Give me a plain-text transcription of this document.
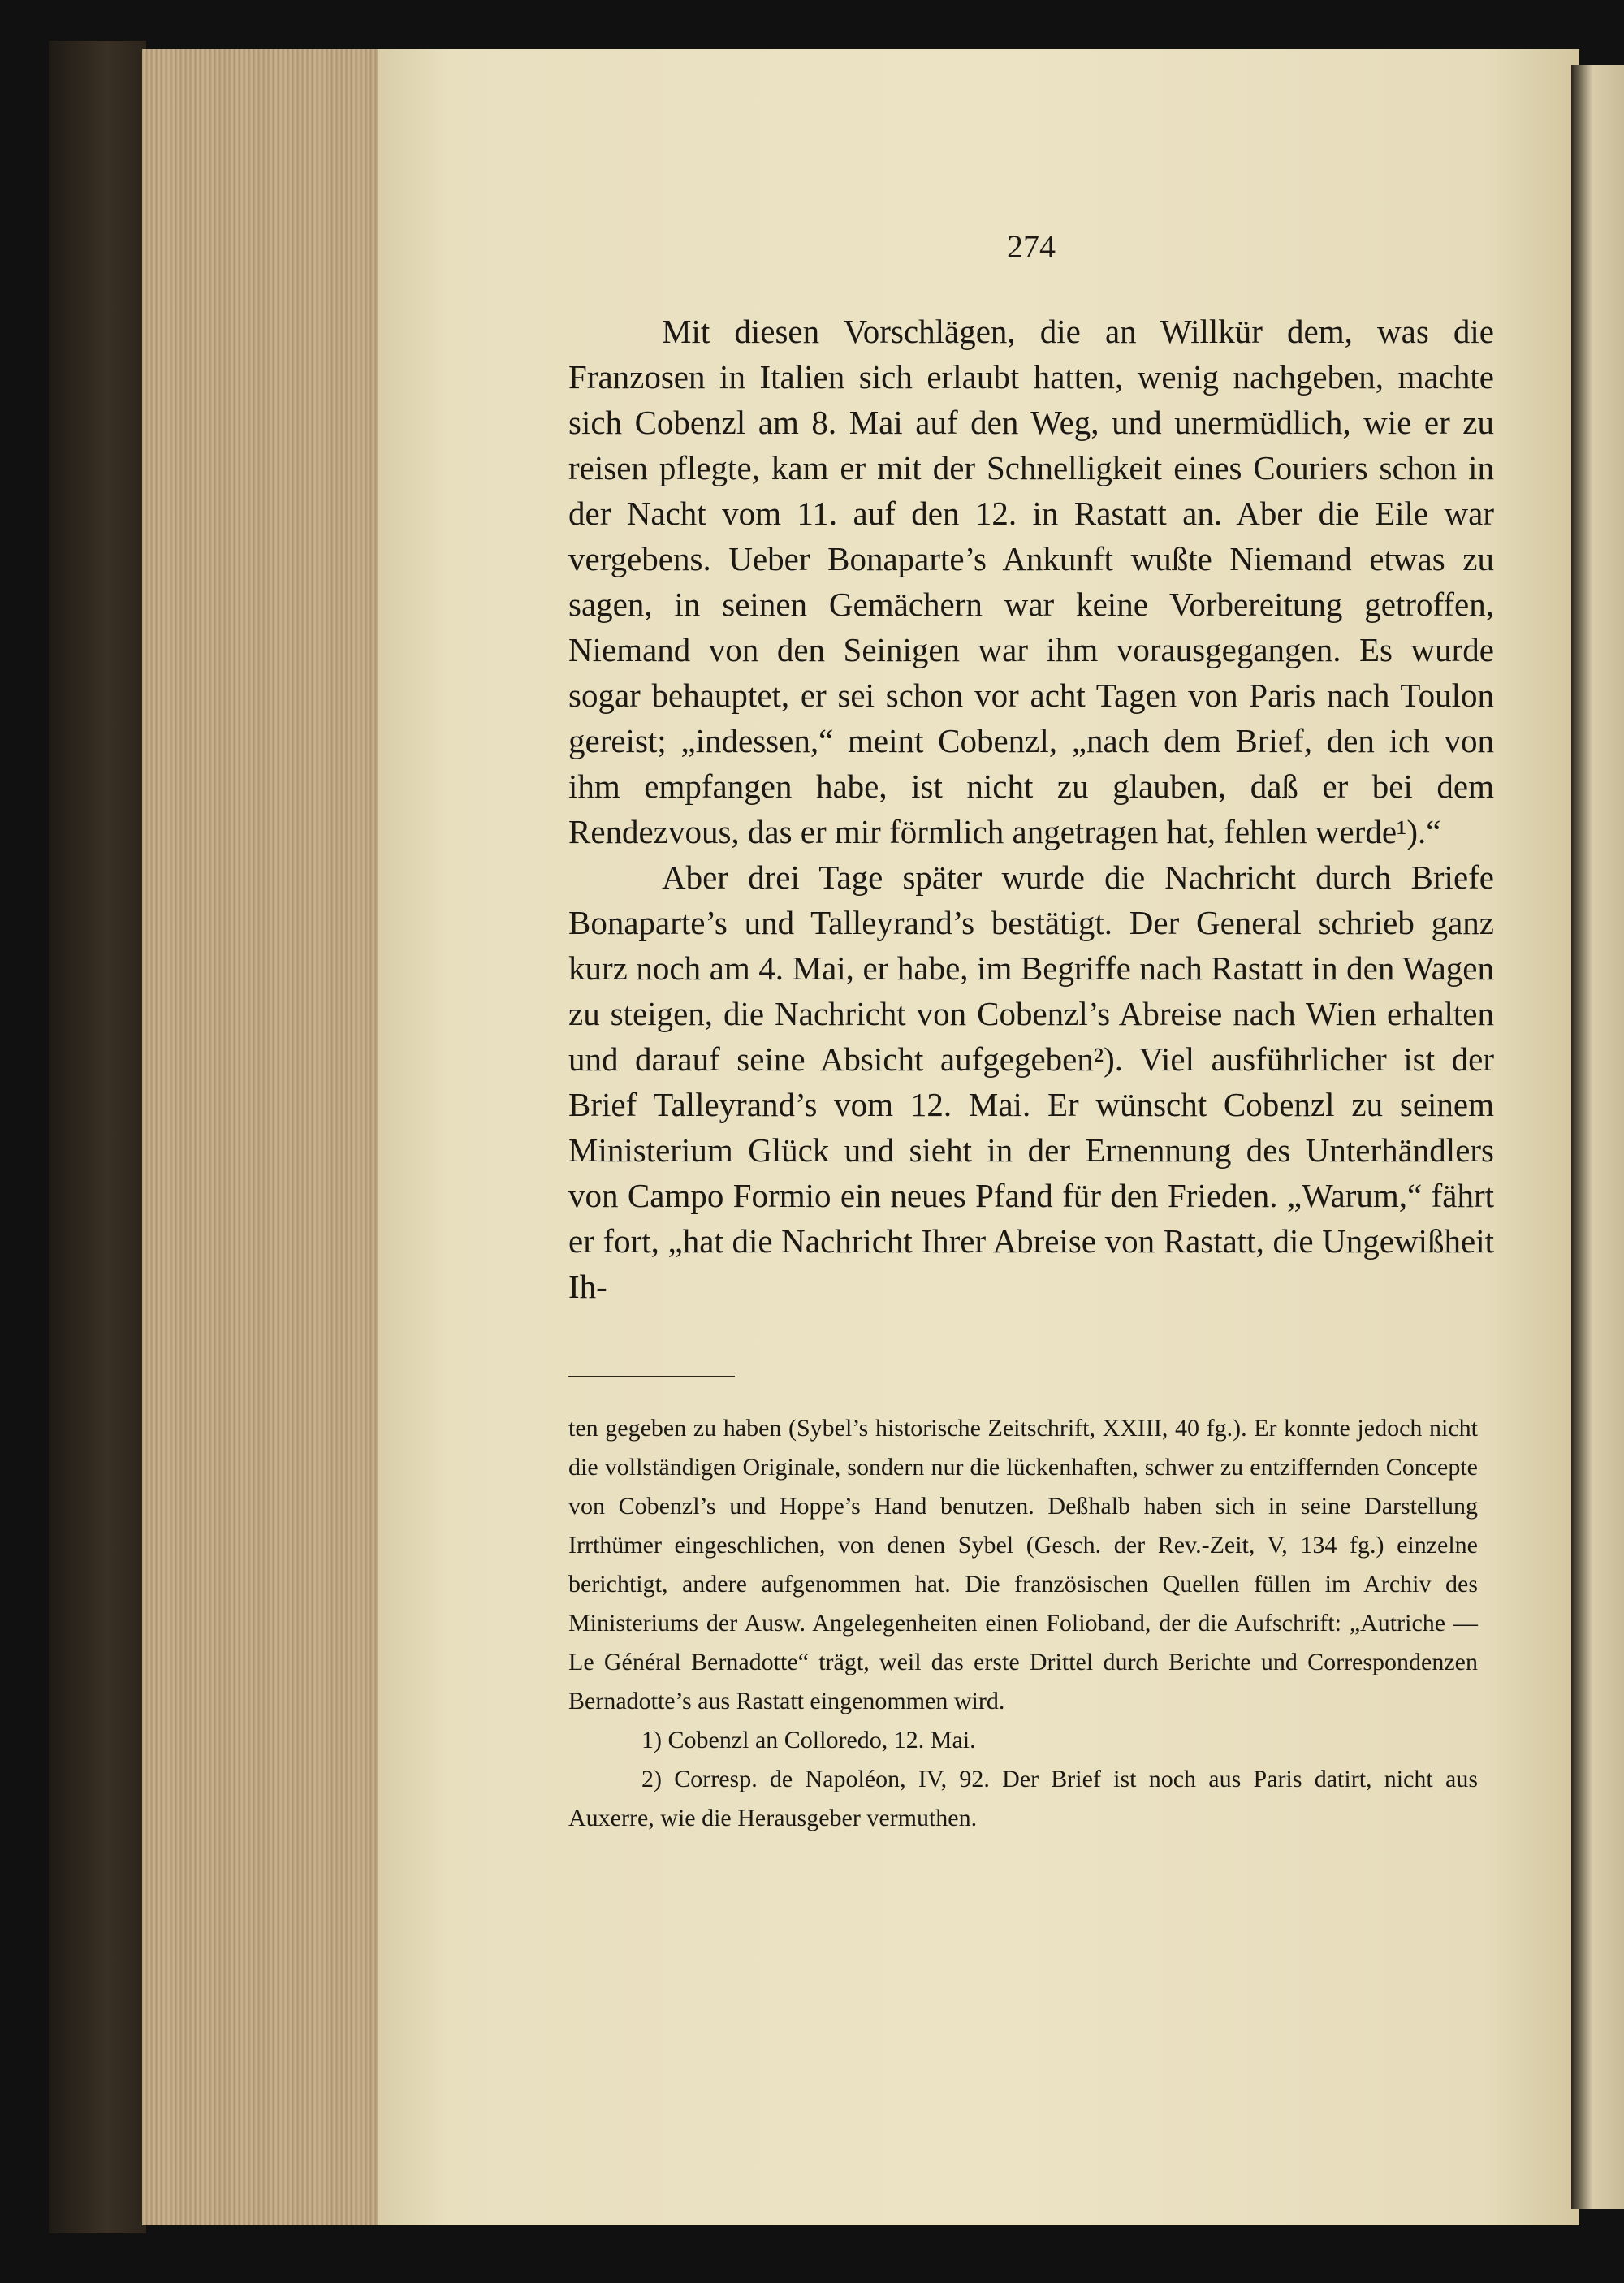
274

Mit diesen Vorschlägen, die an Willkür dem, was die Franzosen in Italien sich erlaubt hatten, wenig nachgeben, machte sich Cobenzl am 8. Mai auf den Weg, und unermüdlich, wie er zu reisen pflegte, kam er mit der Schnelligkeit eines Couriers schon in der Nacht vom 11. auf den 12. in Rastatt an. Aber die Eile war vergebens. Ueber Bonaparte’s Ankunft wußte Niemand etwas zu sagen, in seinen Gemächern war keine Vorbereitung getroffen, Niemand von den Seinigen war ihm vorausgegangen. Es wurde sogar behauptet, er sei schon vor acht Tagen von Paris nach Toulon gereist; „indessen,“ meint Cobenzl, „nach dem Brief, den ich von ihm empfangen habe, ist nicht zu glauben, daß er bei dem Rendezvous, das er mir förmlich angetragen hat, fehlen werde¹).“

Aber drei Tage später wurde die Nachricht durch Briefe Bonaparte’s und Talleyrand’s bestätigt. Der General schrieb ganz kurz noch am 4. Mai, er habe, im Begriffe nach Rastatt in den Wagen zu steigen, die Nachricht von Cobenzl’s Abreise nach Wien erhalten und darauf seine Absicht aufgegeben²). Viel ausführlicher ist der Brief Talleyrand’s vom 12. Mai. Er wünscht Cobenzl zu seinem Ministerium Glück und sieht in der Ernennung des Unterhändlers von Campo Formio ein neues Pfand für den Frieden. „Warum,“ fährt er fort, „hat die Nachricht Ihrer Abreise von Rastatt, die Ungewißheit Ih-

ten gegeben zu haben (Sybel’s historische Zeitschrift, XXIII, 40 fg.). Er konnte jedoch nicht die vollständigen Originale, sondern nur die lückenhaften, schwer zu entziffernden Concepte von Cobenzl’s und Hoppe’s Hand benutzen. Deßhalb haben sich in seine Darstellung Irrthümer eingeschlichen, von denen Sybel (Gesch. der Rev.-Zeit, V, 134 fg.) einzelne berichtigt, andere aufgenommen hat. Die französischen Quellen füllen im Archiv des Ministeriums der Ausw. Angelegenheiten einen Folioband, der die Aufschrift: „Autriche — Le Général Bernadotte“ trägt, weil das erste Drittel durch Berichte und Correspondenzen Bernadotte’s aus Rastatt eingenommen wird.

1) Cobenzl an Colloredo, 12. Mai.

2) Corresp. de Napoléon, IV, 92. Der Brief ist noch aus Paris datirt, nicht aus Auxerre, wie die Herausgeber vermuthen.
